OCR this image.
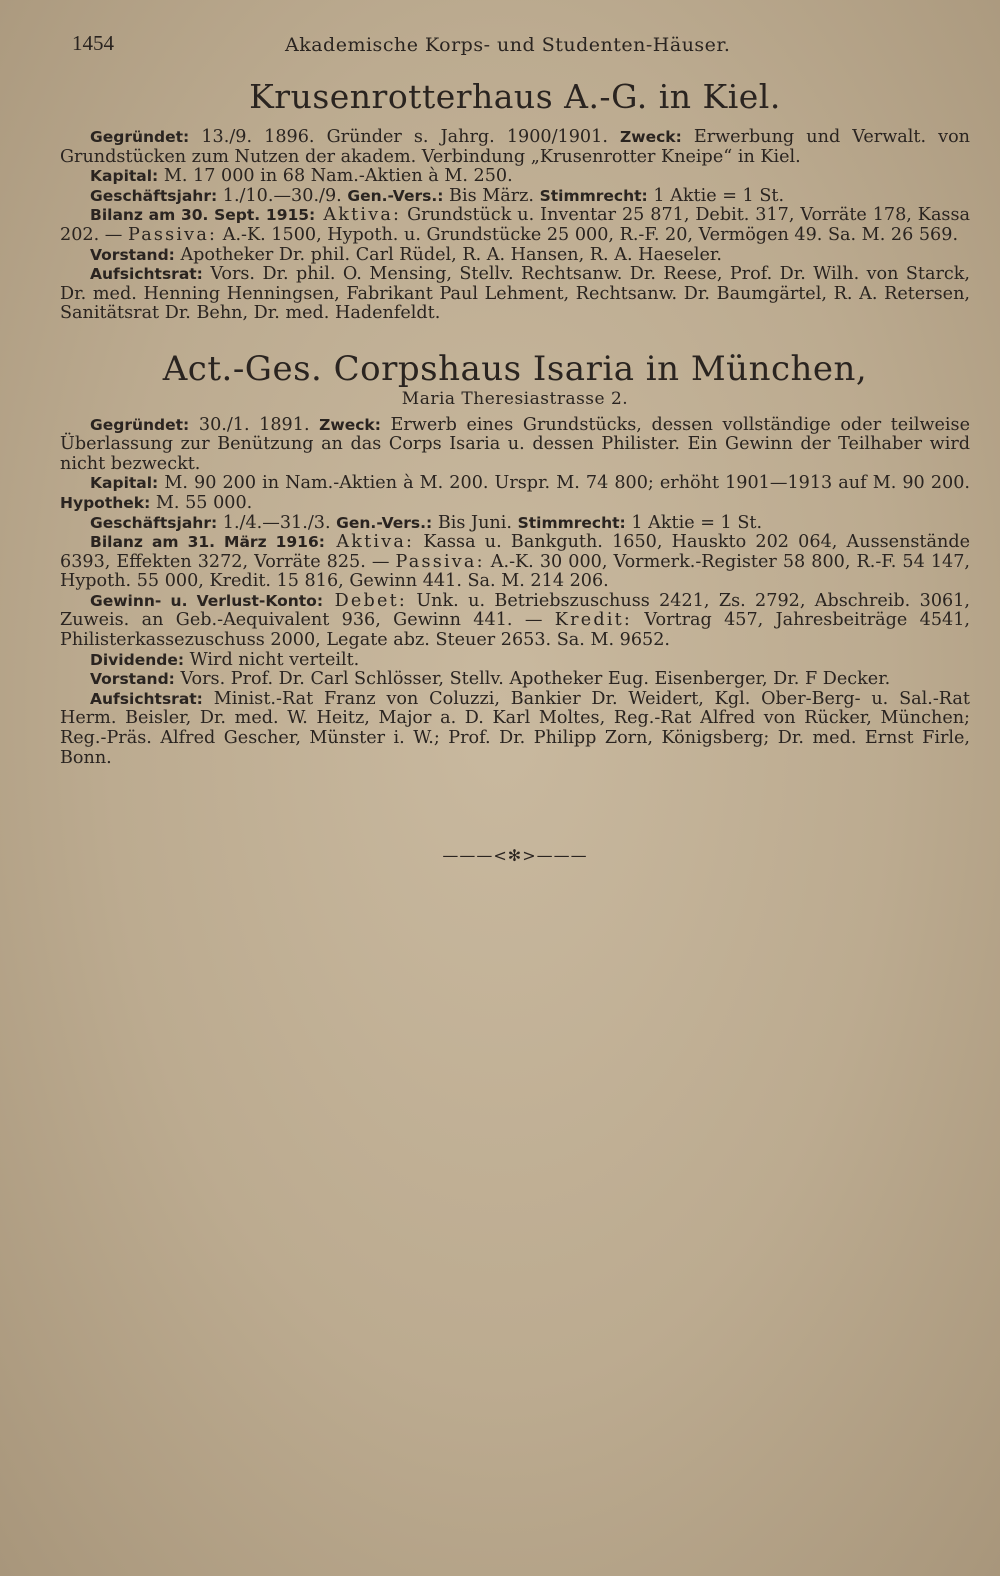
1454	Akademische Korps- und Studenten-Häuser.
Krusenrotterhaus A.-G. in Kiel.

Gegründet: 13./9. 1896. Gründer s. Jahrg. 1900/1901. Zweck: Erwerbung und Verwalt. von Grundstücken zum Nutzen der akadem. Verbindung „Krusenrotter Kneipe“ in Kiel.

Kapital: M. 17 000 in 68 Nam.-Aktien à M. 250.

Geschäftsjahr: 1./10.—30./9. Gen.-Vers.: Bis März. Stimmrecht: 1 Aktie = 1 St.

Bilanz am 30. Sept. 1915: Aktiva: Grundstück u. Inventar 25 871, Debit. 317, Vorräte 178, Kassa 202. — Passiva: A.-K. 1500, Hypoth. u. Grundstücke 25 000, R.-F. 20, Vermögen 49. Sa. M. 26 569.

Vorstand: Apotheker Dr. phil. Carl Rüdel, R. A. Hansen, R. A. Haeseler.

Aufsichtsrat: Vors. Dr. phil. O. Mensing, Stellv. Rechtsanw. Dr. Reese, Prof. Dr. Wilh. von Starck, Dr. med. Henning Henningsen, Fabrikant Paul Lehment, Rechtsanw. Dr. Baumgärtel, R. A. Retersen, Sanitätsrat Dr. Behn, Dr. med. Hadenfeldt.

Act.-Ges. Corpshaus Isaria in München,
Maria Theresiastrasse 2.

Gegründet: 30./1. 1891. Zweck: Erwerb eines Grundstücks, dessen vollständige oder teilweise Überlassung zur Benützung an das Corps Isaria u. dessen Philister. Ein Gewinn der Teilhaber wird nicht bezweckt.

Kapital: M. 90 200 in Nam.-Aktien à M. 200. Urspr. M. 74 800; erhöht 1901—1913 auf M. 90 200. Hypothek: M. 55 000.

Geschäftsjahr: 1./4.—31./3. Gen.-Vers.: Bis Juni. Stimmrecht: 1 Aktie = 1 St.

Bilanz am 31. März 1916: Aktiva: Kassa u. Bankguth. 1650, Hauskto 202 064, Aussenstände 6393, Effekten 3272, Vorräte 825. — Passiva: A.-K. 30 000, Vormerk.-Register 58 800, R.-F. 54 147, Hypoth. 55 000, Kredit. 15 816, Gewinn 441. Sa. M. 214 206.

Gewinn- u. Verlust-Konto: Debet: Unk. u. Betriebszuschuss 2421, Zs. 2792, Abschreib. 3061, Zuweis. an Geb.-Aequivalent 936, Gewinn 441. — Kredit: Vortrag 457, Jahresbeiträge 4541, Philisterkassezuschuss 2000, Legate abz. Steuer 2653. Sa. M. 9652.

Dividende: Wird nicht verteilt.

Vorstand: Vors. Prof. Dr. Carl Schlösser, Stellv. Apotheker Eug. Eisenberger, Dr. F Decker.

Aufsichtsrat: Minist.-Rat Franz von Coluzzi, Bankier Dr. Weidert, Kgl. Ober-Berg- u. Sal.-Rat Herm. Beisler, Dr. med. W. Heitz, Major a. D. Karl Moltes, Reg.-Rat Alfred von Rücker, München; Reg.-Präs. Alfred Gescher, Münster i. W.; Prof. Dr. Philipp Zorn, Königsberg; Dr. med. Ernst Firle, Bonn.

———<✻>———
